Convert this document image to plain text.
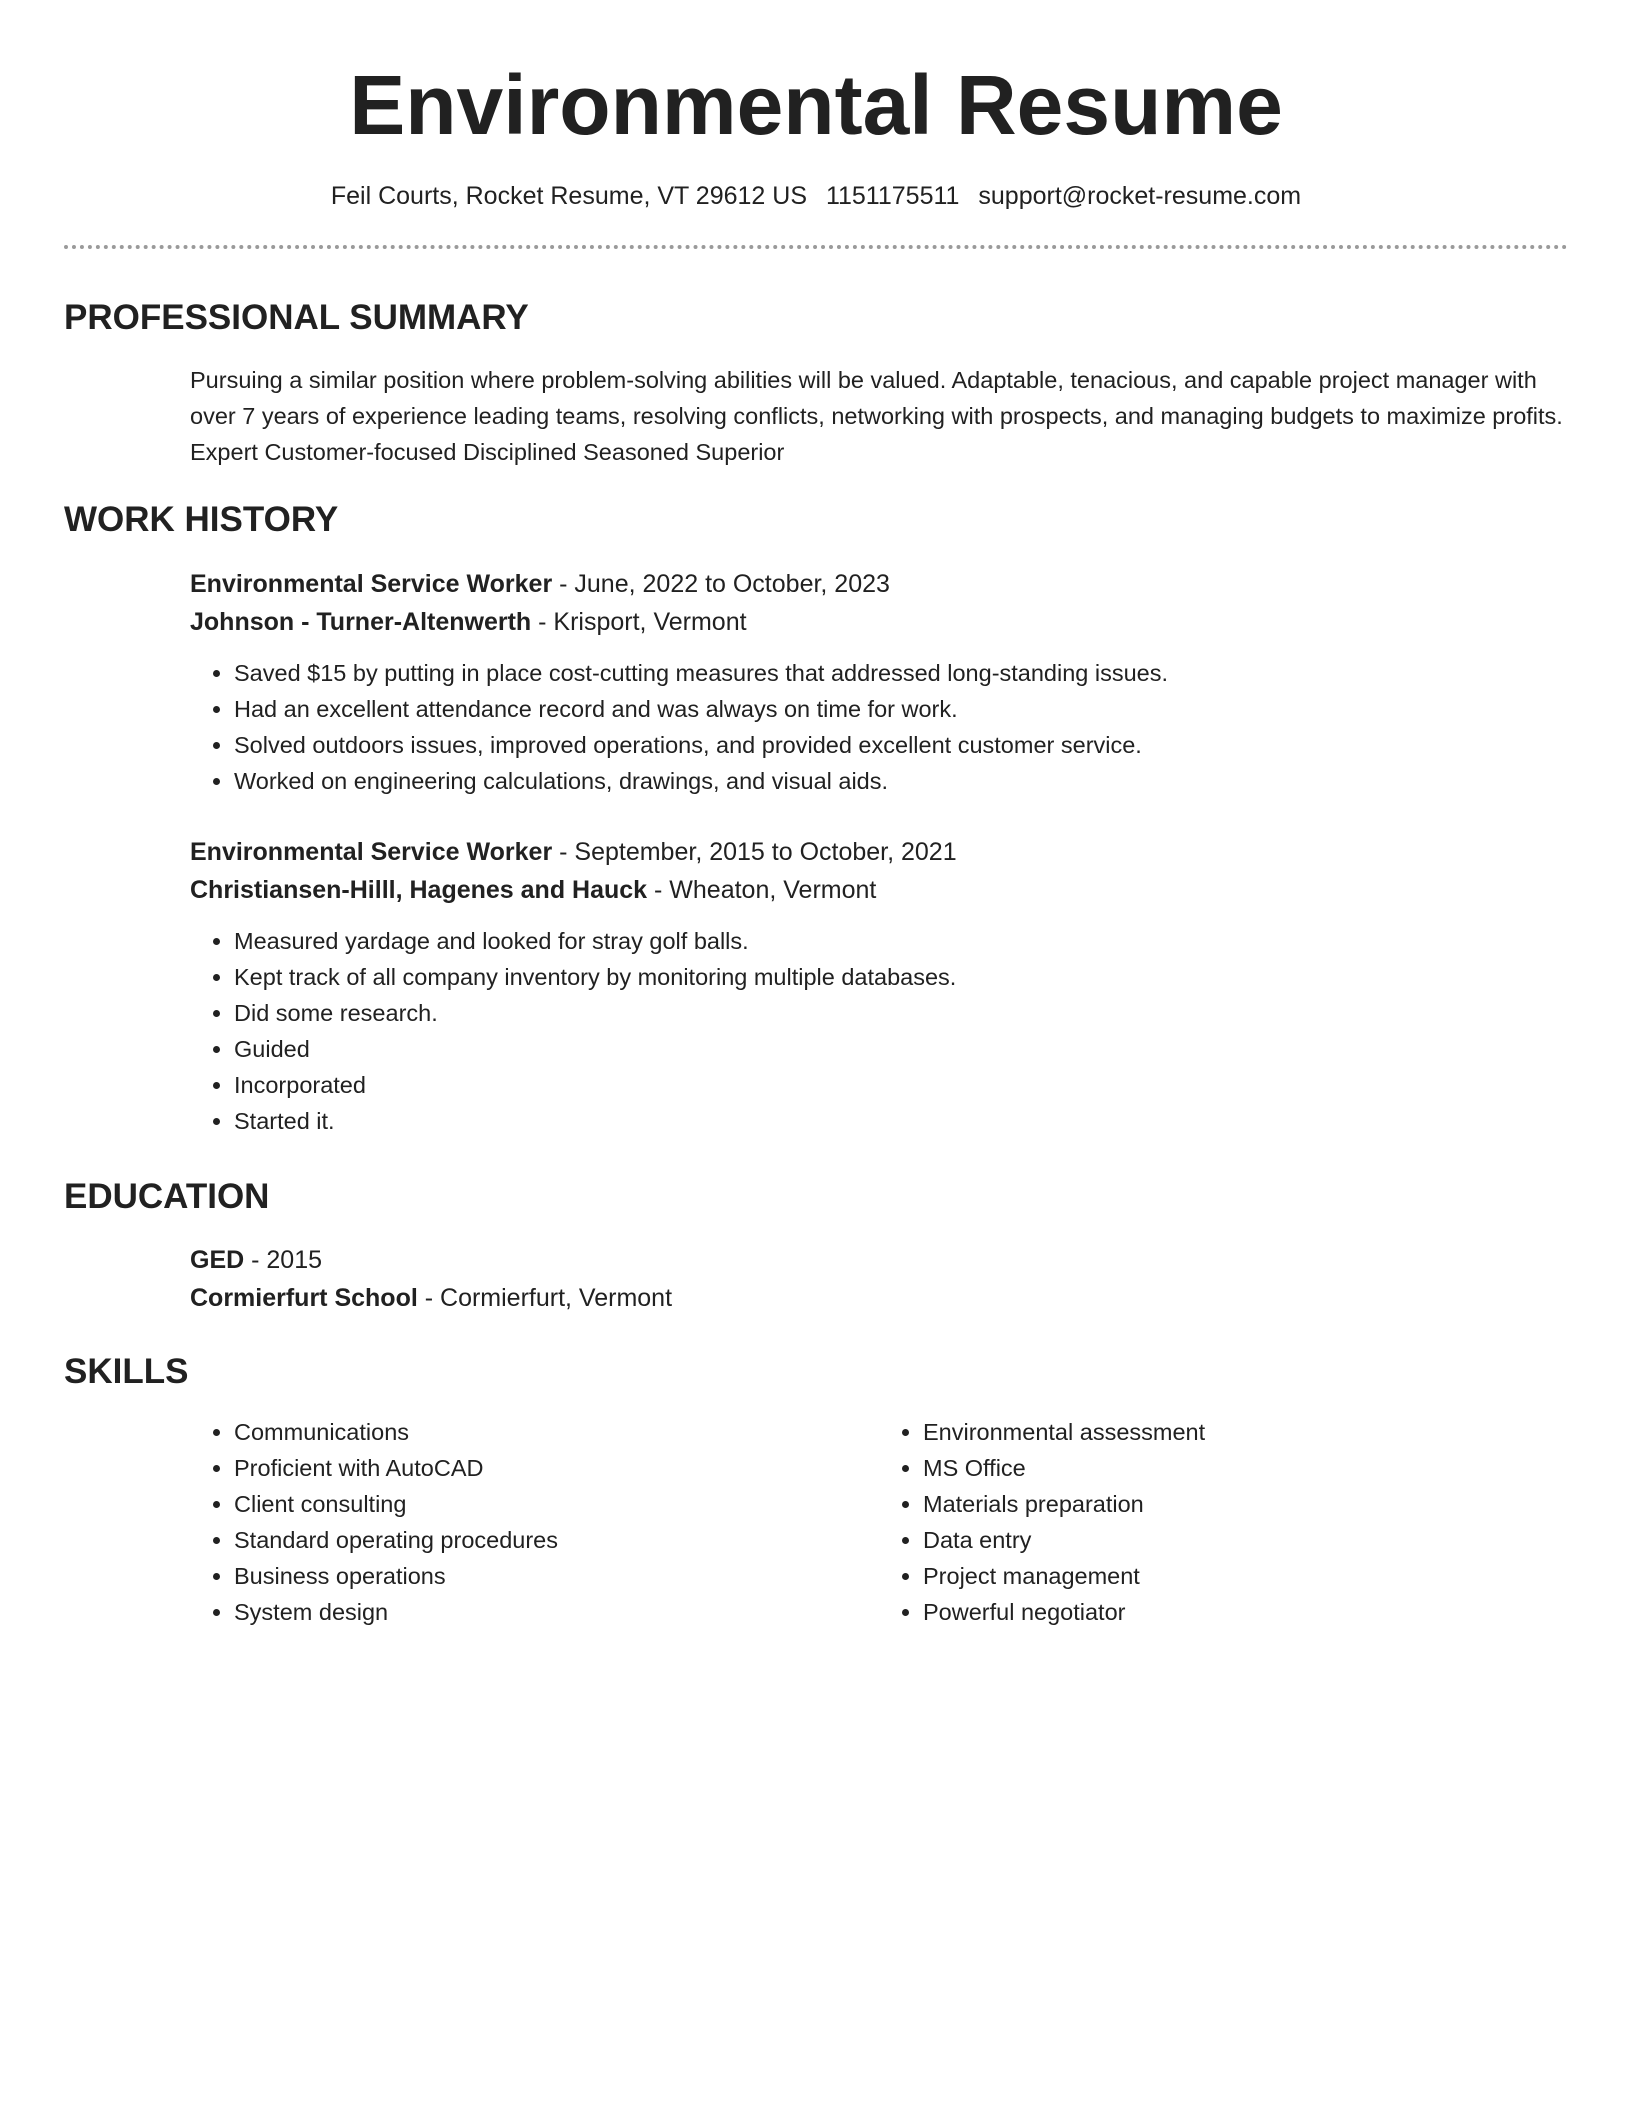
Environmental Resume
Feil Courts, Rocket Resume, VT 29612 US 1151175511 support@rocket-resume.com
PROFESSIONAL SUMMARY

Pursuing a similar position where problem-solving abilities will be valued. Adaptable, tenacious, and capable project manager with over 7 years of experience leading teams, resolving conflicts, networking with prospects, and managing budgets to maximize profits. Expert Customer-focused Disciplined Seasoned Superior

WORK HISTORY

Environmental Service Worker - June, 2022 to October, 2023

Johnson - Turner-Altenwerth - Krisport, Vermont

• Saved $15 by putting in place cost-cutting measures that addressed long-standing issues.
• Had an excellent attendance record and was always on time for work.
• Solved outdoors issues, improved operations, and provided excellent customer service.
• Worked on engineering calculations, drawings, and visual aids.

Environmental Service Worker - September, 2015 to October, 2021

Christiansen-Hilll, Hagenes and Hauck - Wheaton, Vermont

• Measured yardage and looked for stray golf balls.
• Kept track of all company inventory by monitoring multiple databases.
• Did some research.
• Guided
• Incorporated
• Started it.
EDUCATION

GED - 2015

Cormierfurt School - Cormierfurt, Vermont

SKILLS
• Communications
• Proficient with AutoCAD
• Client consulting
• Standard operating procedures
• Business operations
• System design
• Environmental assessment
• MS Office
• Materials preparation
• Data entry
• Project management
• Powerful negotiator
